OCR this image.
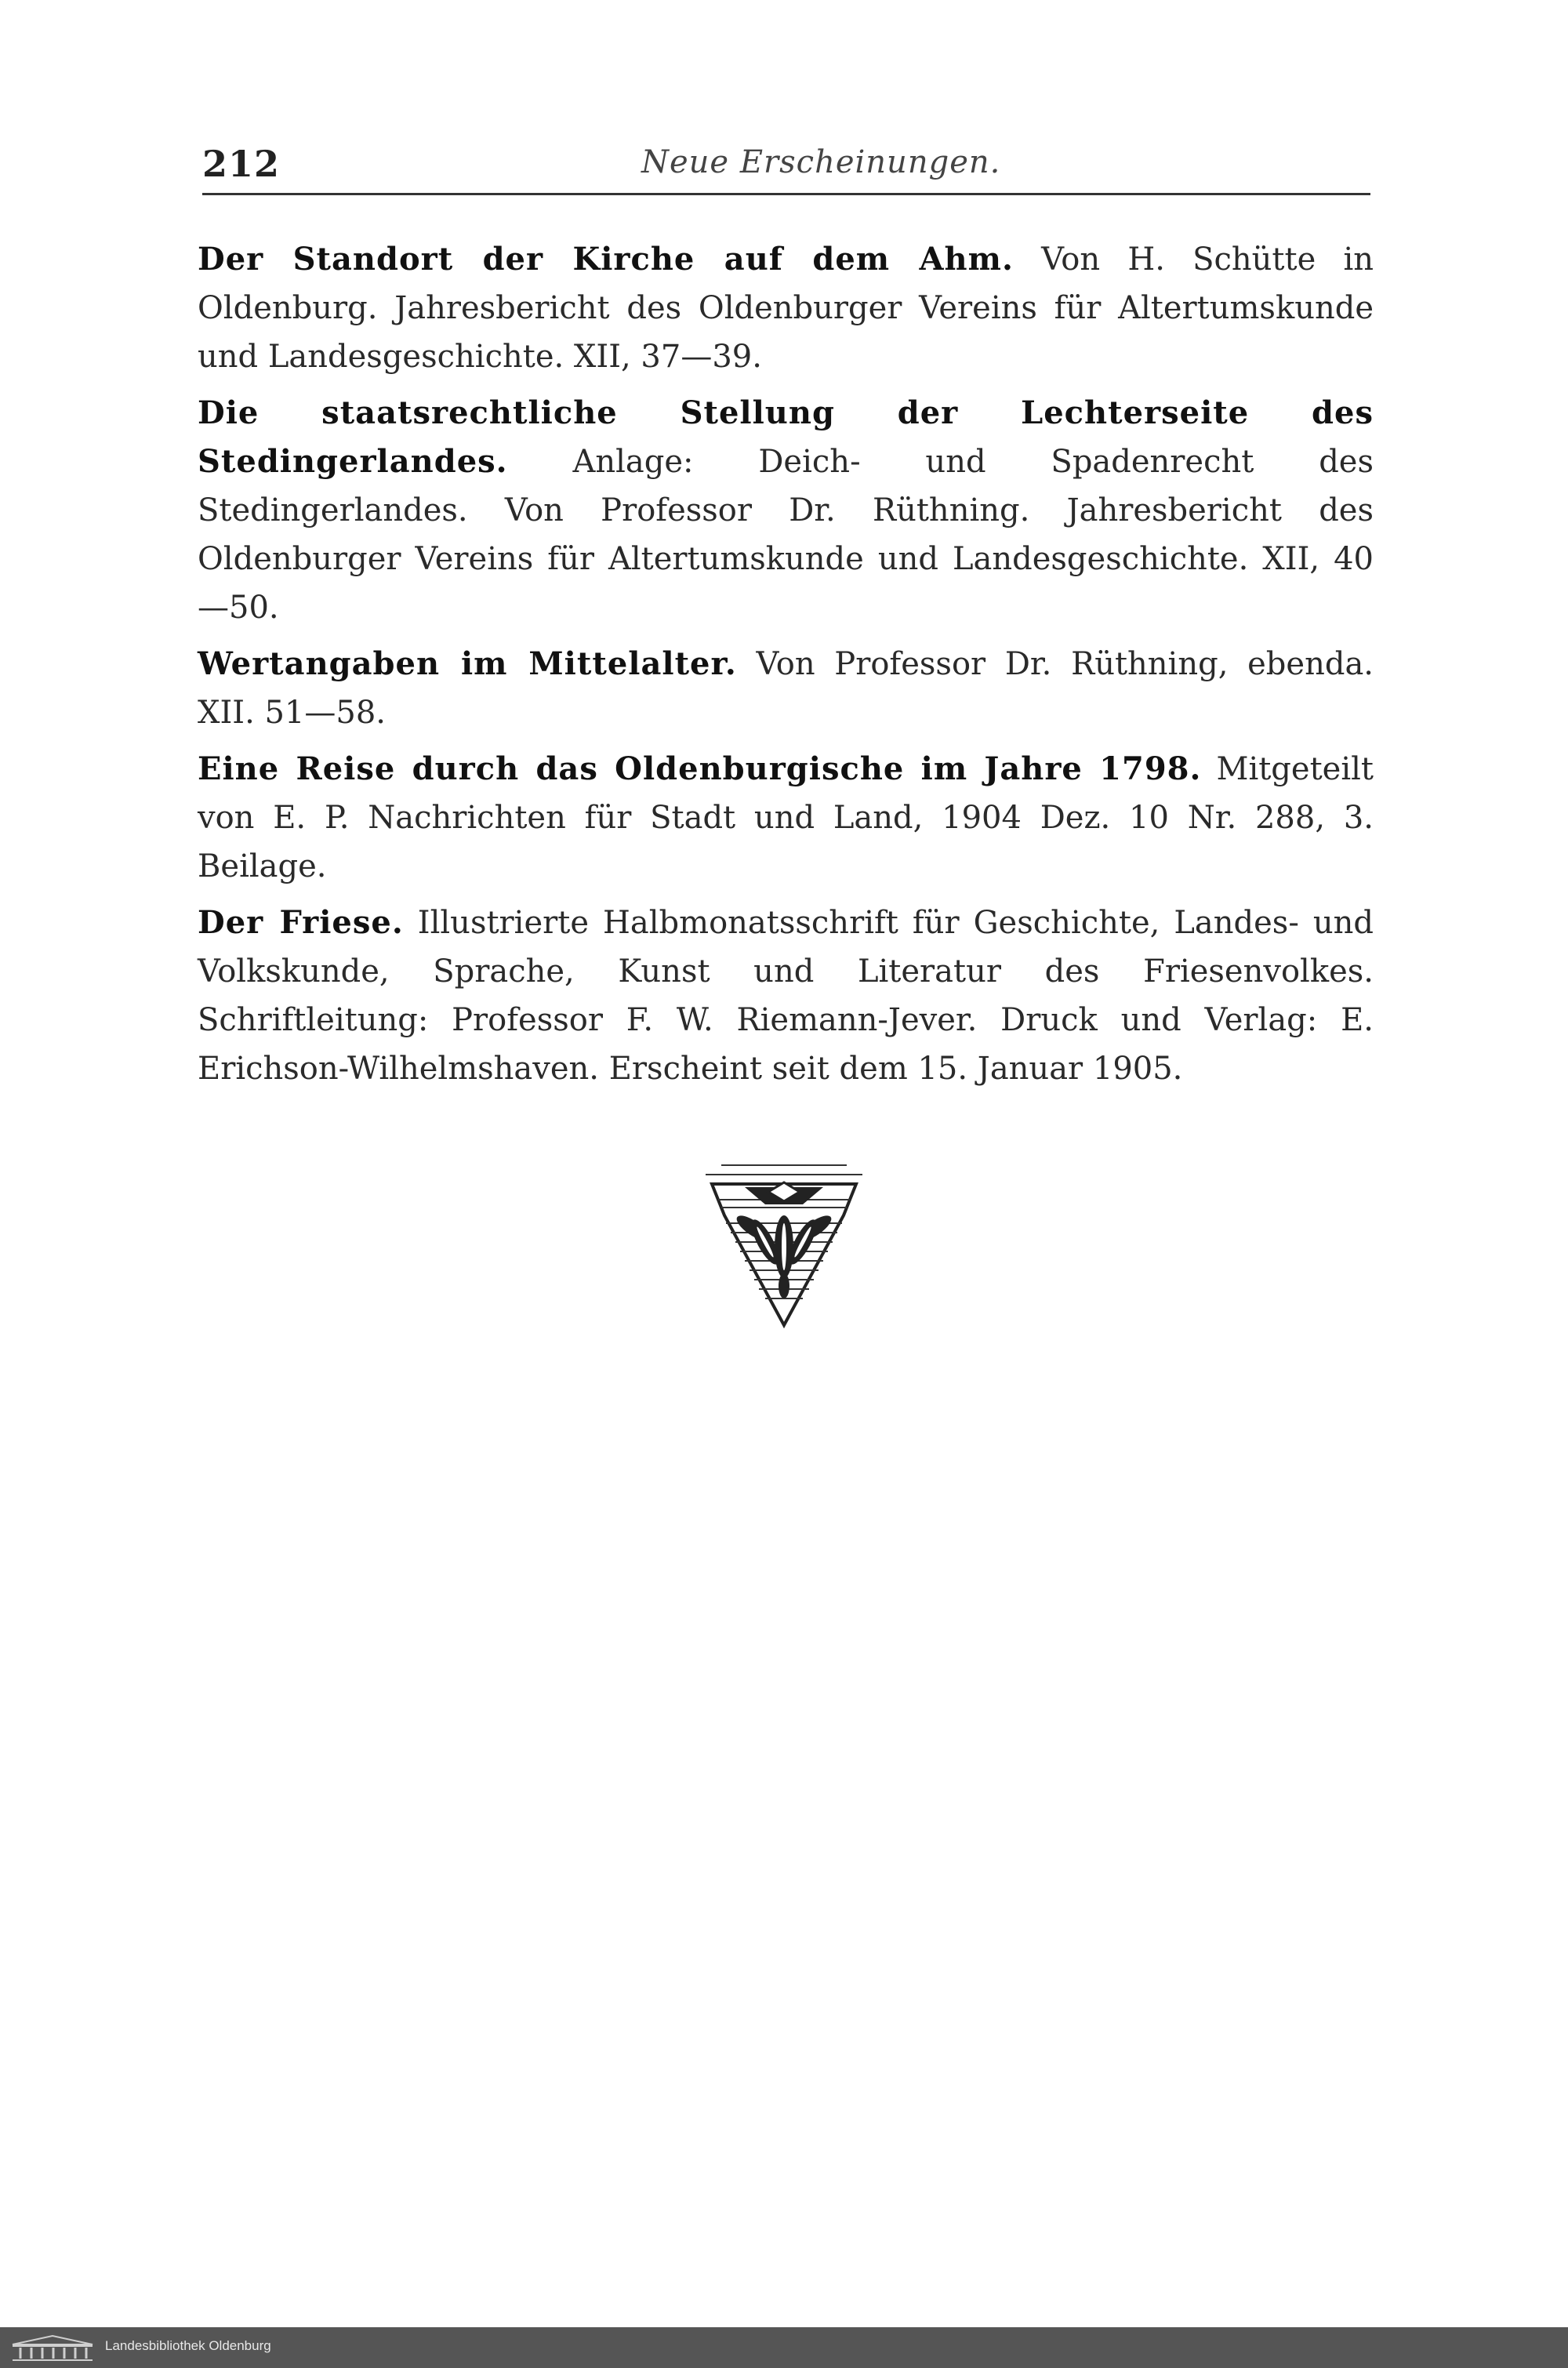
212	Neue Erscheinungen.

Der Standort der Kirche auf dem Ahm. Von H. Schütte in Oldenburg. Jahresbericht des Oldenburger Vereins für Altertumskunde und Landesgeschichte. XII, 37—39.

Die staatsrechtliche Stellung der Lechterseite des Stedingerlandes. Anlage: Deich- und Spadenrecht des Stedingerlandes. Von Professor Dr. Rüthning. Jahresbericht des Oldenburger Vereins für Altertumskunde und Landesgeschichte. XII, 40—50.

Wertangaben im Mittelalter. Von Professor Dr. Rüthning, ebenda. XII. 51—58.

Eine Reise durch das Oldenburgische im Jahre 1798. Mitgeteilt von E. P. Nachrichten für Stadt und Land, 1904 Dez. 10 Nr. 288, 3. Beilage.

Der Friese. Illustrierte Halbmonatsschrift für Geschichte, Landes- und Volkskunde, Sprache, Kunst und Literatur des Friesenvolkes. Schriftleitung: Professor F. W. Riemann-Jever. Druck und Verlag: E. Erichson-Wilhelmshaven. Erscheint seit dem 15. Januar 1905.

Landesbibliothek Oldenburg
